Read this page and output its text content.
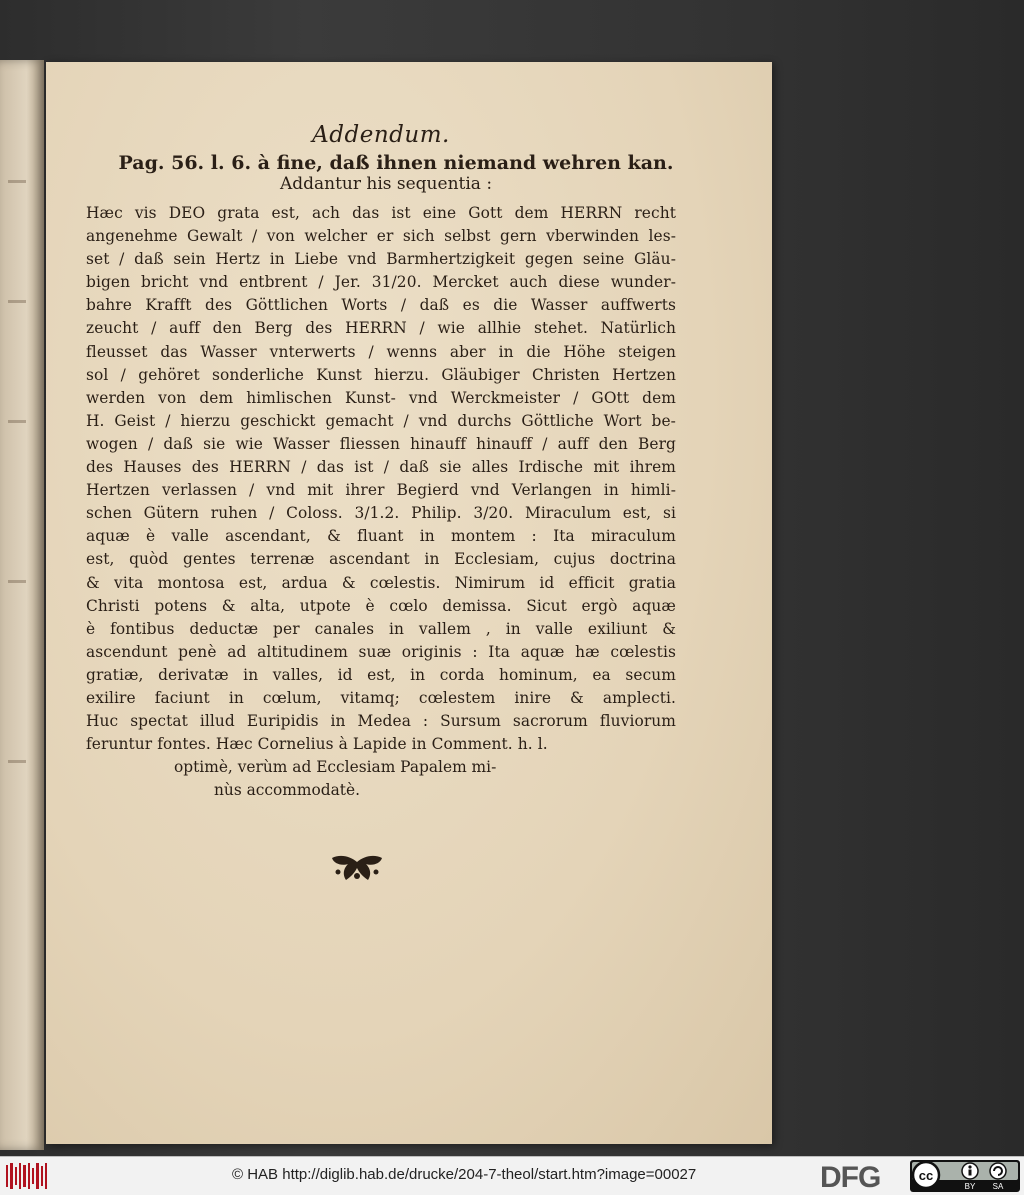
Addendum.
Pag. 56. l. 6. à fine, daß ihnen niemand wehren kan.
Addantur his sequentia :
Hæc vis DEO grata est, ach das ist eine Gott dem HERRN recht
angenehme Gewalt / von welcher er sich selbst gern vberwinden les-
set / daß sein Hertz in Liebe vnd Barmhertzigkeit gegen seine Gläu-
bigen bricht vnd entbrent / Jer. 31/20. Mercket auch diese wunder-
bahre Krafft des Göttlichen Worts / daß es die Wasser auffwerts
zeucht / auff den Berg des HERRN / wie allhie stehet. Natürlich
fleusset das Wasser vnterwerts / wenns aber in die Höhe steigen
sol / gehöret sonderliche Kunst hierzu. Gläubiger Christen Hertzen
werden von dem himlischen Kunst- vnd Werckmeister / GOtt dem
H. Geist / hierzu geschickt gemacht / vnd durchs Göttliche Wort be-
wogen / daß sie wie Wasser fliessen hinauff hinauff / auff den Berg
des Hauses des HERRN / das ist / daß sie alles Irdische mit ihrem
Hertzen verlassen / vnd mit ihrer Begierd vnd Verlangen in himli-
schen Gütern ruhen / Coloss. 3/1.2. Philip. 3/20. Miraculum est, si
aquæ è valle ascendant, & fluant in montem : Ita miraculum
est, quòd gentes terrenæ ascendant in Ecclesiam, cujus doctrina
& vita montosa est, ardua & cœlestis. Nimirum id efficit gratia
Christi potens & alta, utpote è cœlo demissa. Sicut ergò aquæ
è fontibus deductæ per canales in vallem , in valle exiliunt &
ascendunt penè ad altitudinem suæ originis : Ita aquæ hæ cœlestis
gratiæ, derivatæ in valles, id est, in corda hominum, ea secum
exilire faciunt in cœlum, vitamq; cœlestem inire & amplecti.
Huc spectat illud Euripidis in Medea : Sursum sacrorum fluviorum
feruntur fontes. Hæc Cornelius à Lapide in Comment. h. l.
optimè, verùm ad Ecclesiam Papalem mi-
nùs accommodatè.
© HAB http://diglib.hab.de/drucke/204-7-theol/start.htm?image=00027	DFG	cc
BY SA
